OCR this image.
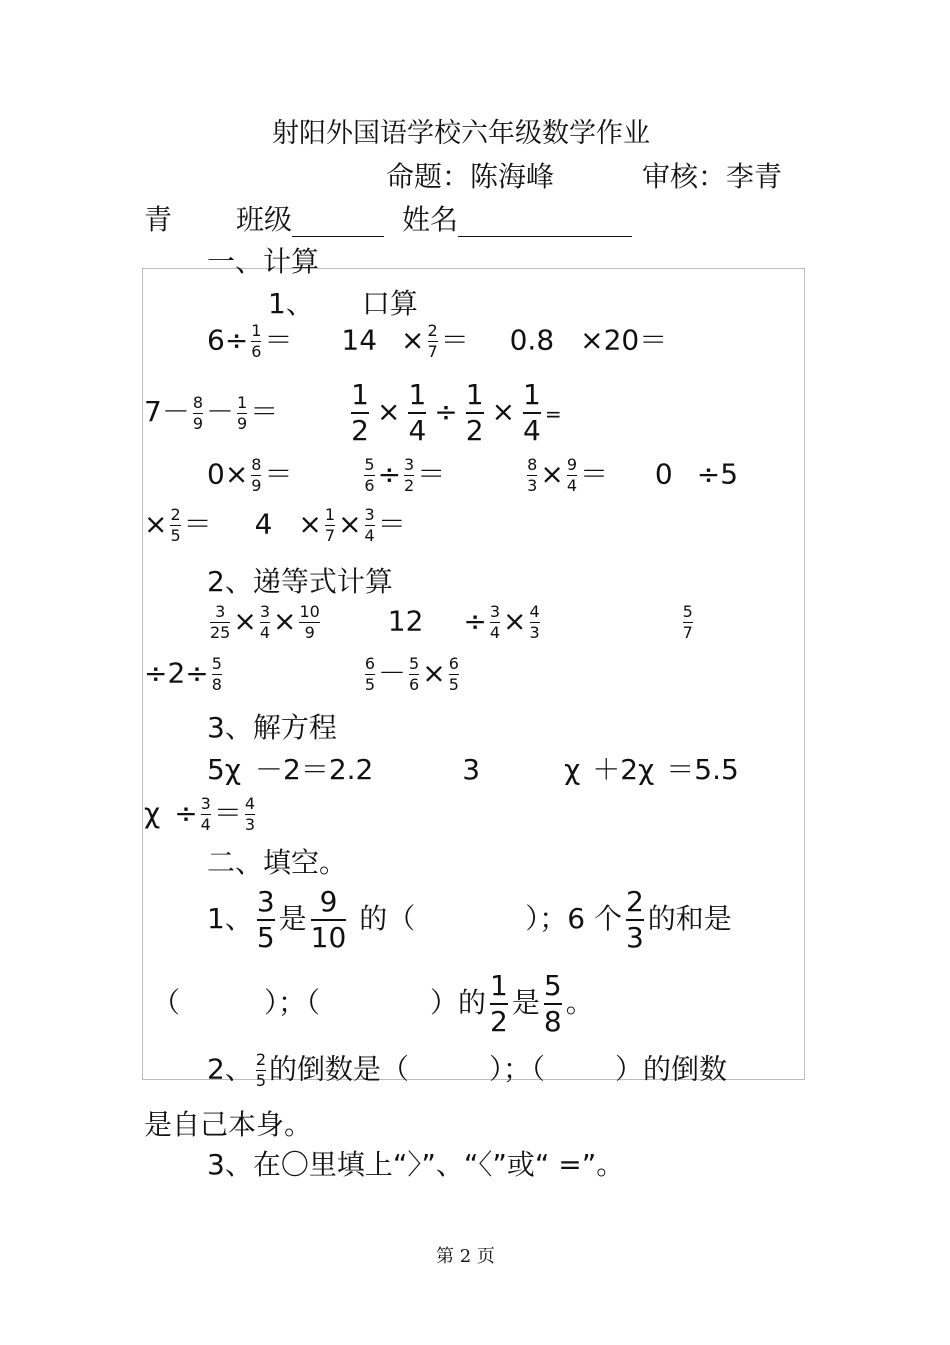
射阳外国语学校六年级数学作业
命题：陈海峰	审核：李青
青 班级	姓名
一、计算
1、 口算
$6\div \frac{1}{6} = 14 \times \frac{2}{7} = 0.8 \times 20=$
$7- \frac{8}{9} - \frac{1}{9}$ ＝	$\frac{1}{2} \times \frac{1}{4} \div \frac{1}{2} \times \frac{1}{4}$ =
$0\times \frac{8}{9}$ ＝	$\frac{5}{6} \div \frac{3}{2}$ ＝	$\frac{8}{3} \times \frac{9}{4} = 0 \div 5$
× $\frac{2}{5} = 4 \times \frac{1}{7} \times \frac{3}{4}$ ＝
2、递等式计算
$\frac{3}{25} \times \frac{3}{4} \times \frac{10}{9} 12 \div \frac{3}{4} \times \frac{4}{3}$
	$\frac{5}{7}$
$\div 2\div \frac{5}{8}$
	$\frac{6}{5} - \frac{5}{6} \times \frac{6}{5}$
3、解方程
5χ －2＝2.2	3	χ ＋2χ ＝5.5
$\chi \div \frac{3}{4} = \frac{4}{3}$
二、填空。
1、 $\frac{3}{5}$ 是 $\frac{9}{10}$ 的（	）；6 个 $\frac{2}{3}$ 的和是
（	）；（	）的 $\frac{1}{2}$ 是 $\frac{5}{8}$ 。
2、 $\frac{2}{5}$ 的倒数是（	）；（	）的倒数
是自己本身。
3、在〇里填上“〉”、“〈”或“ =”。
第 2 页
